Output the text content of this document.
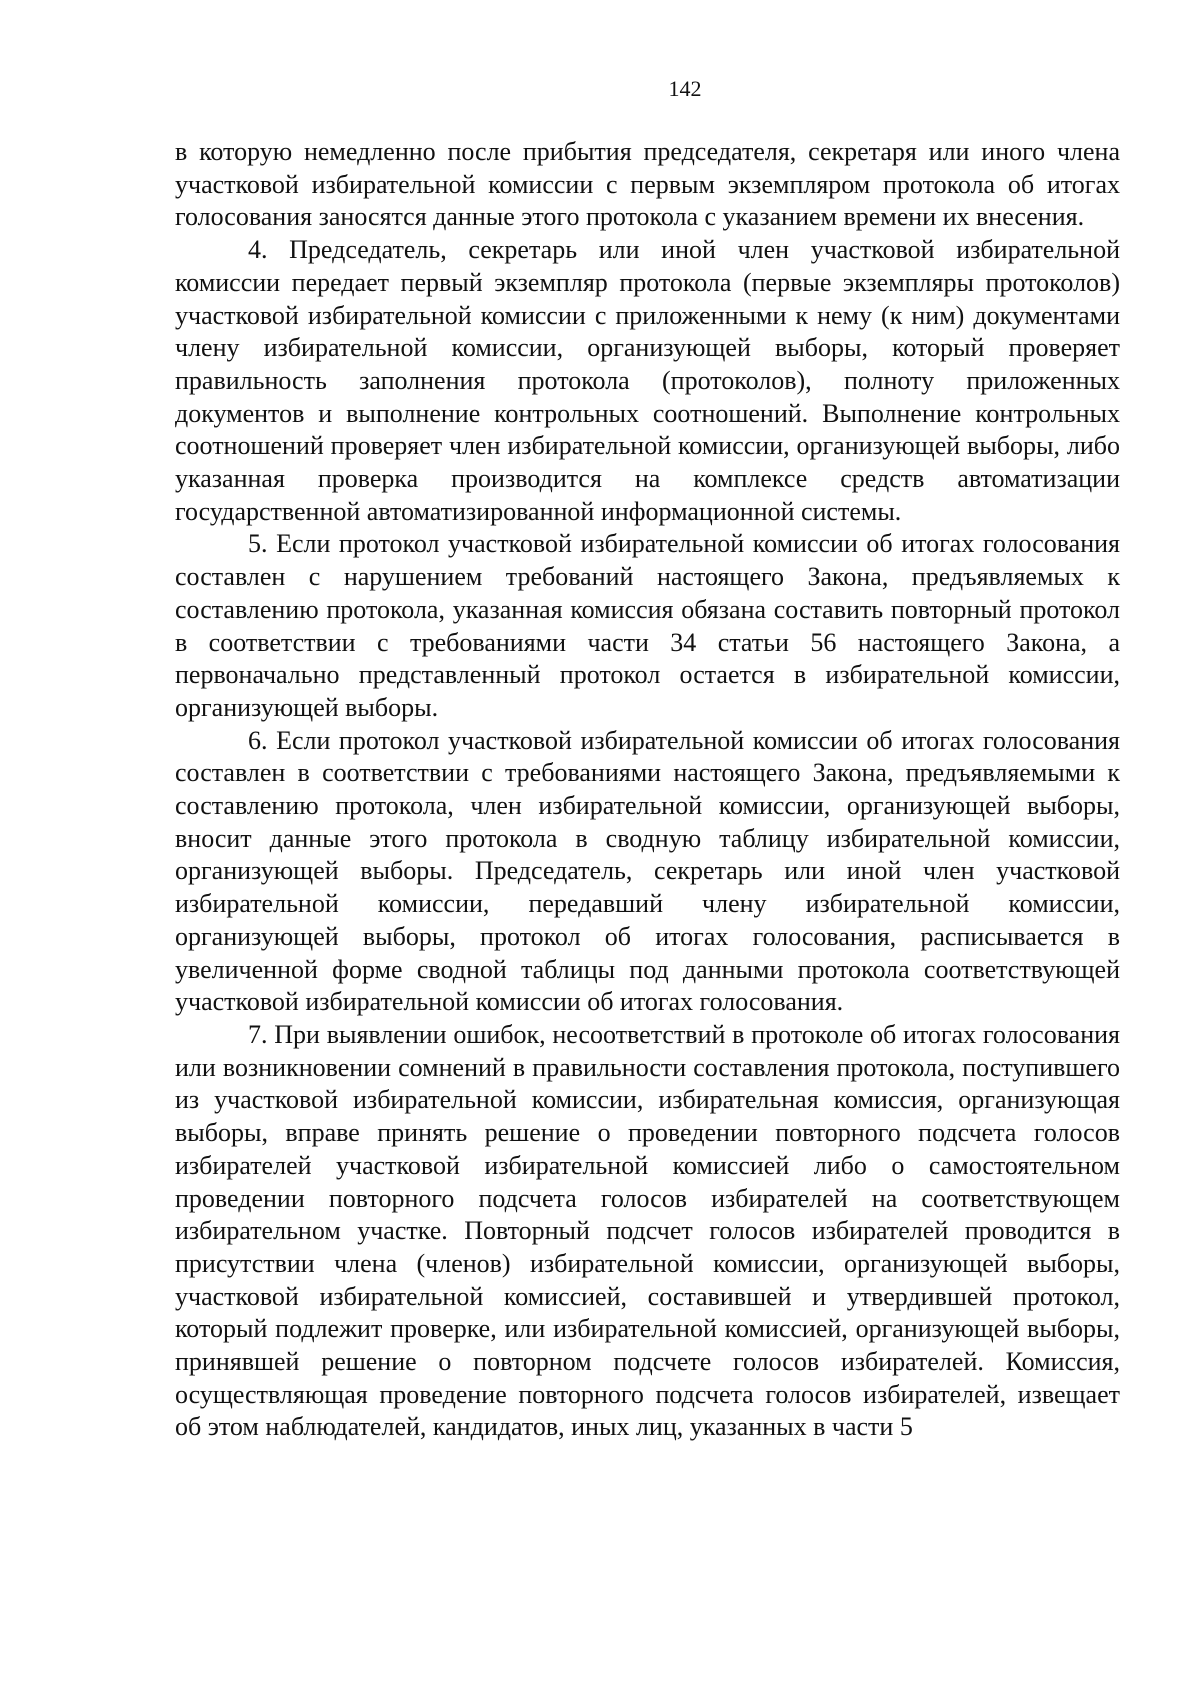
142

в которую немедленно после прибытия председателя, секретаря или иного члена участковой избирательной комиссии с первым экземпляром протокола об итогах голосования заносятся данные этого протокола с указанием времени их внесения.

4. Председатель, секретарь или иной член участковой избирательной комиссии передает первый экземпляр протокола (первые экземпляры протоколов) участковой избирательной комиссии с приложенными к нему (к ним) документами члену избирательной комиссии, организующей выборы, который проверяет правильность заполнения протокола (протоколов), полноту приложенных документов и выполнение контрольных соотношений. Выполнение контрольных соотношений проверяет член избирательной комиссии, организующей выборы, либо указанная проверка производится на комплексе средств автоматизации государственной автоматизированной информационной системы.

5. Если протокол участковой избирательной комиссии об итогах голосования составлен с нарушением требований настоящего Закона, предъявляемых к составлению протокола, указанная комиссия обязана составить повторный протокол в соответствии с требованиями части 34 статьи 56 настоящего Закона, а первоначально представленный протокол остается в избирательной комиссии, организующей выборы.

6. Если протокол участковой избирательной комиссии об итогах голосования составлен в соответствии с требованиями настоящего Закона, предъявляемыми к составлению протокола, член избирательной комиссии, организующей выборы, вносит данные этого протокола в сводную таблицу избирательной комиссии, организующей выборы. Председатель, секретарь или иной член участковой избирательной комиссии, передавший члену избирательной комиссии, организующей выборы, протокол об итогах голосования, расписывается в увеличенной форме сводной таблицы под данными протокола соответствующей участковой избирательной комиссии об итогах голосования.

7. При выявлении ошибок, несоответствий в протоколе об итогах голосования или возникновении сомнений в правильности составления протокола, поступившего из участковой избирательной комиссии, избирательная комиссия, организующая выборы, вправе принять решение о проведении повторного подсчета голосов избирателей участковой избирательной комиссией либо о самостоятельном проведении повторного подсчета голосов избирателей на соответствующем избирательном участке. Повторный подсчет голосов избирателей проводится в присутствии члена (членов) избирательной комиссии, организующей выборы, участковой избирательной комиссией, составившей и утвердившей протокол, который подлежит проверке, или избирательной комиссией, организующей выборы, принявшей решение о повторном подсчете голосов избирателей. Комиссия, осуществляющая проведение повторного подсчета голосов избирателей, извещает об этом наблюдателей, кандидатов, иных лиц, указанных в части 5
